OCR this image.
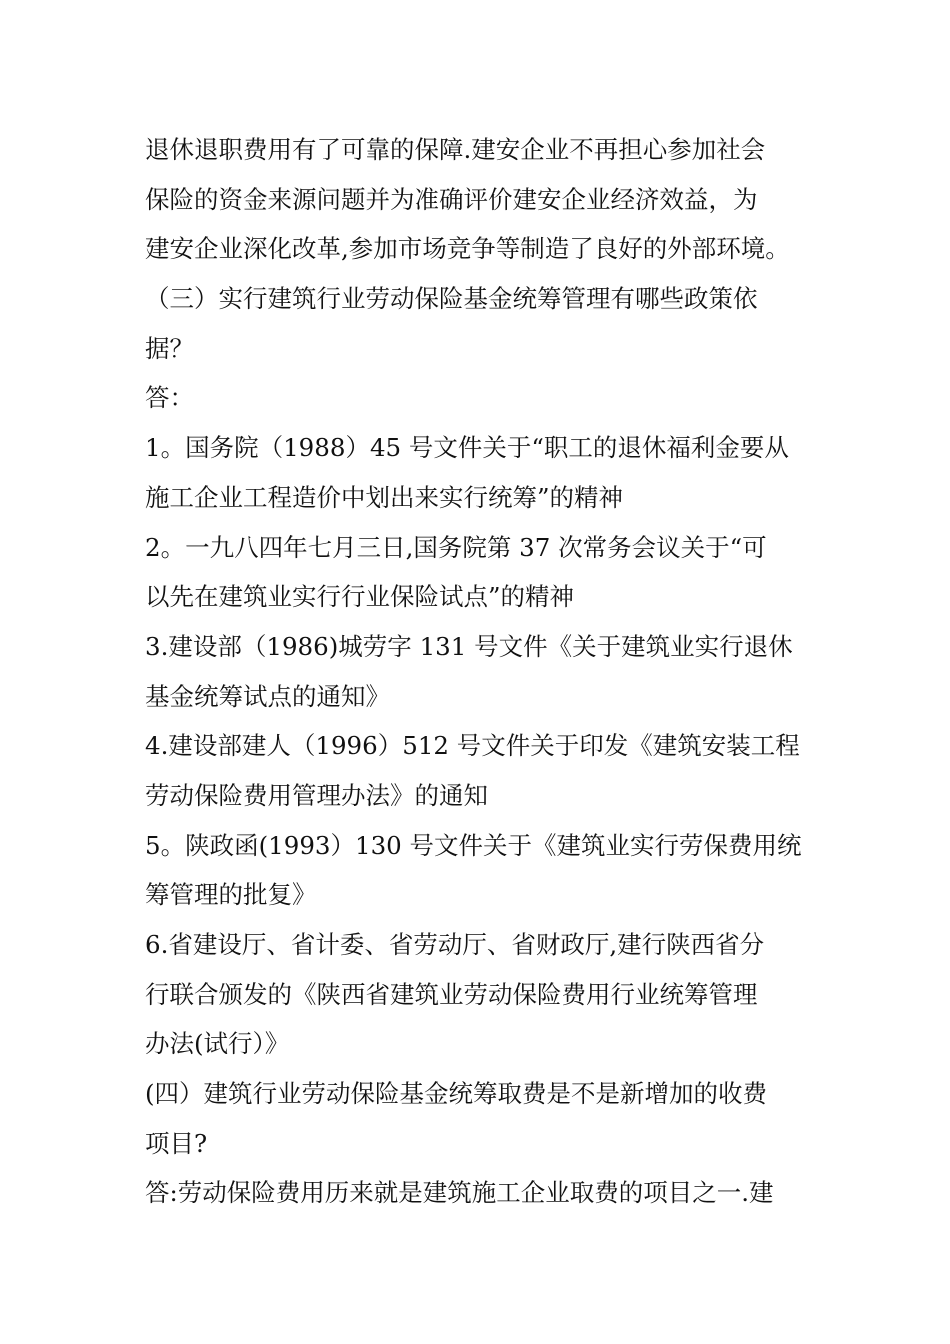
退休退职费用有了可靠的保障.建安企业不再担心参加社会
保险的资金来源问题并为准确评价建安企业经济效益，为
建安企业深化改革,参加市场竞争等制造了良好的外部环境。
（三）实行建筑行业劳动保险基金统筹管理有哪些政策依
据？
答：
1。国务院（1988）45 号文件关于“职工的退休福利金要从
施工企业工程造价中划出来实行统筹”的精神
2。一九八四年七月三日,国务院第 37 次常务会议关于“可
以先在建筑业实行行业保险试点”的精神
3.建设部（1986)城劳字 131 号文件《关于建筑业实行退休
基金统筹试点的通知》
4.建设部建人（1996）512 号文件关于印发《建筑安装工程
劳动保险费用管理办法》的通知
5。陕政函(1993）130 号文件关于《建筑业实行劳保费用统
筹管理的批复》
6.省建设厅、省计委、省劳动厅、省财政厅,建行陕西省分
行联合颁发的《陕西省建筑业劳动保险费用行业统筹管理
办法(试行）》
(四）建筑行业劳动保险基金统筹取费是不是新增加的收费
项目?
答:劳动保险费用历来就是建筑施工企业取费的项目之一.建
